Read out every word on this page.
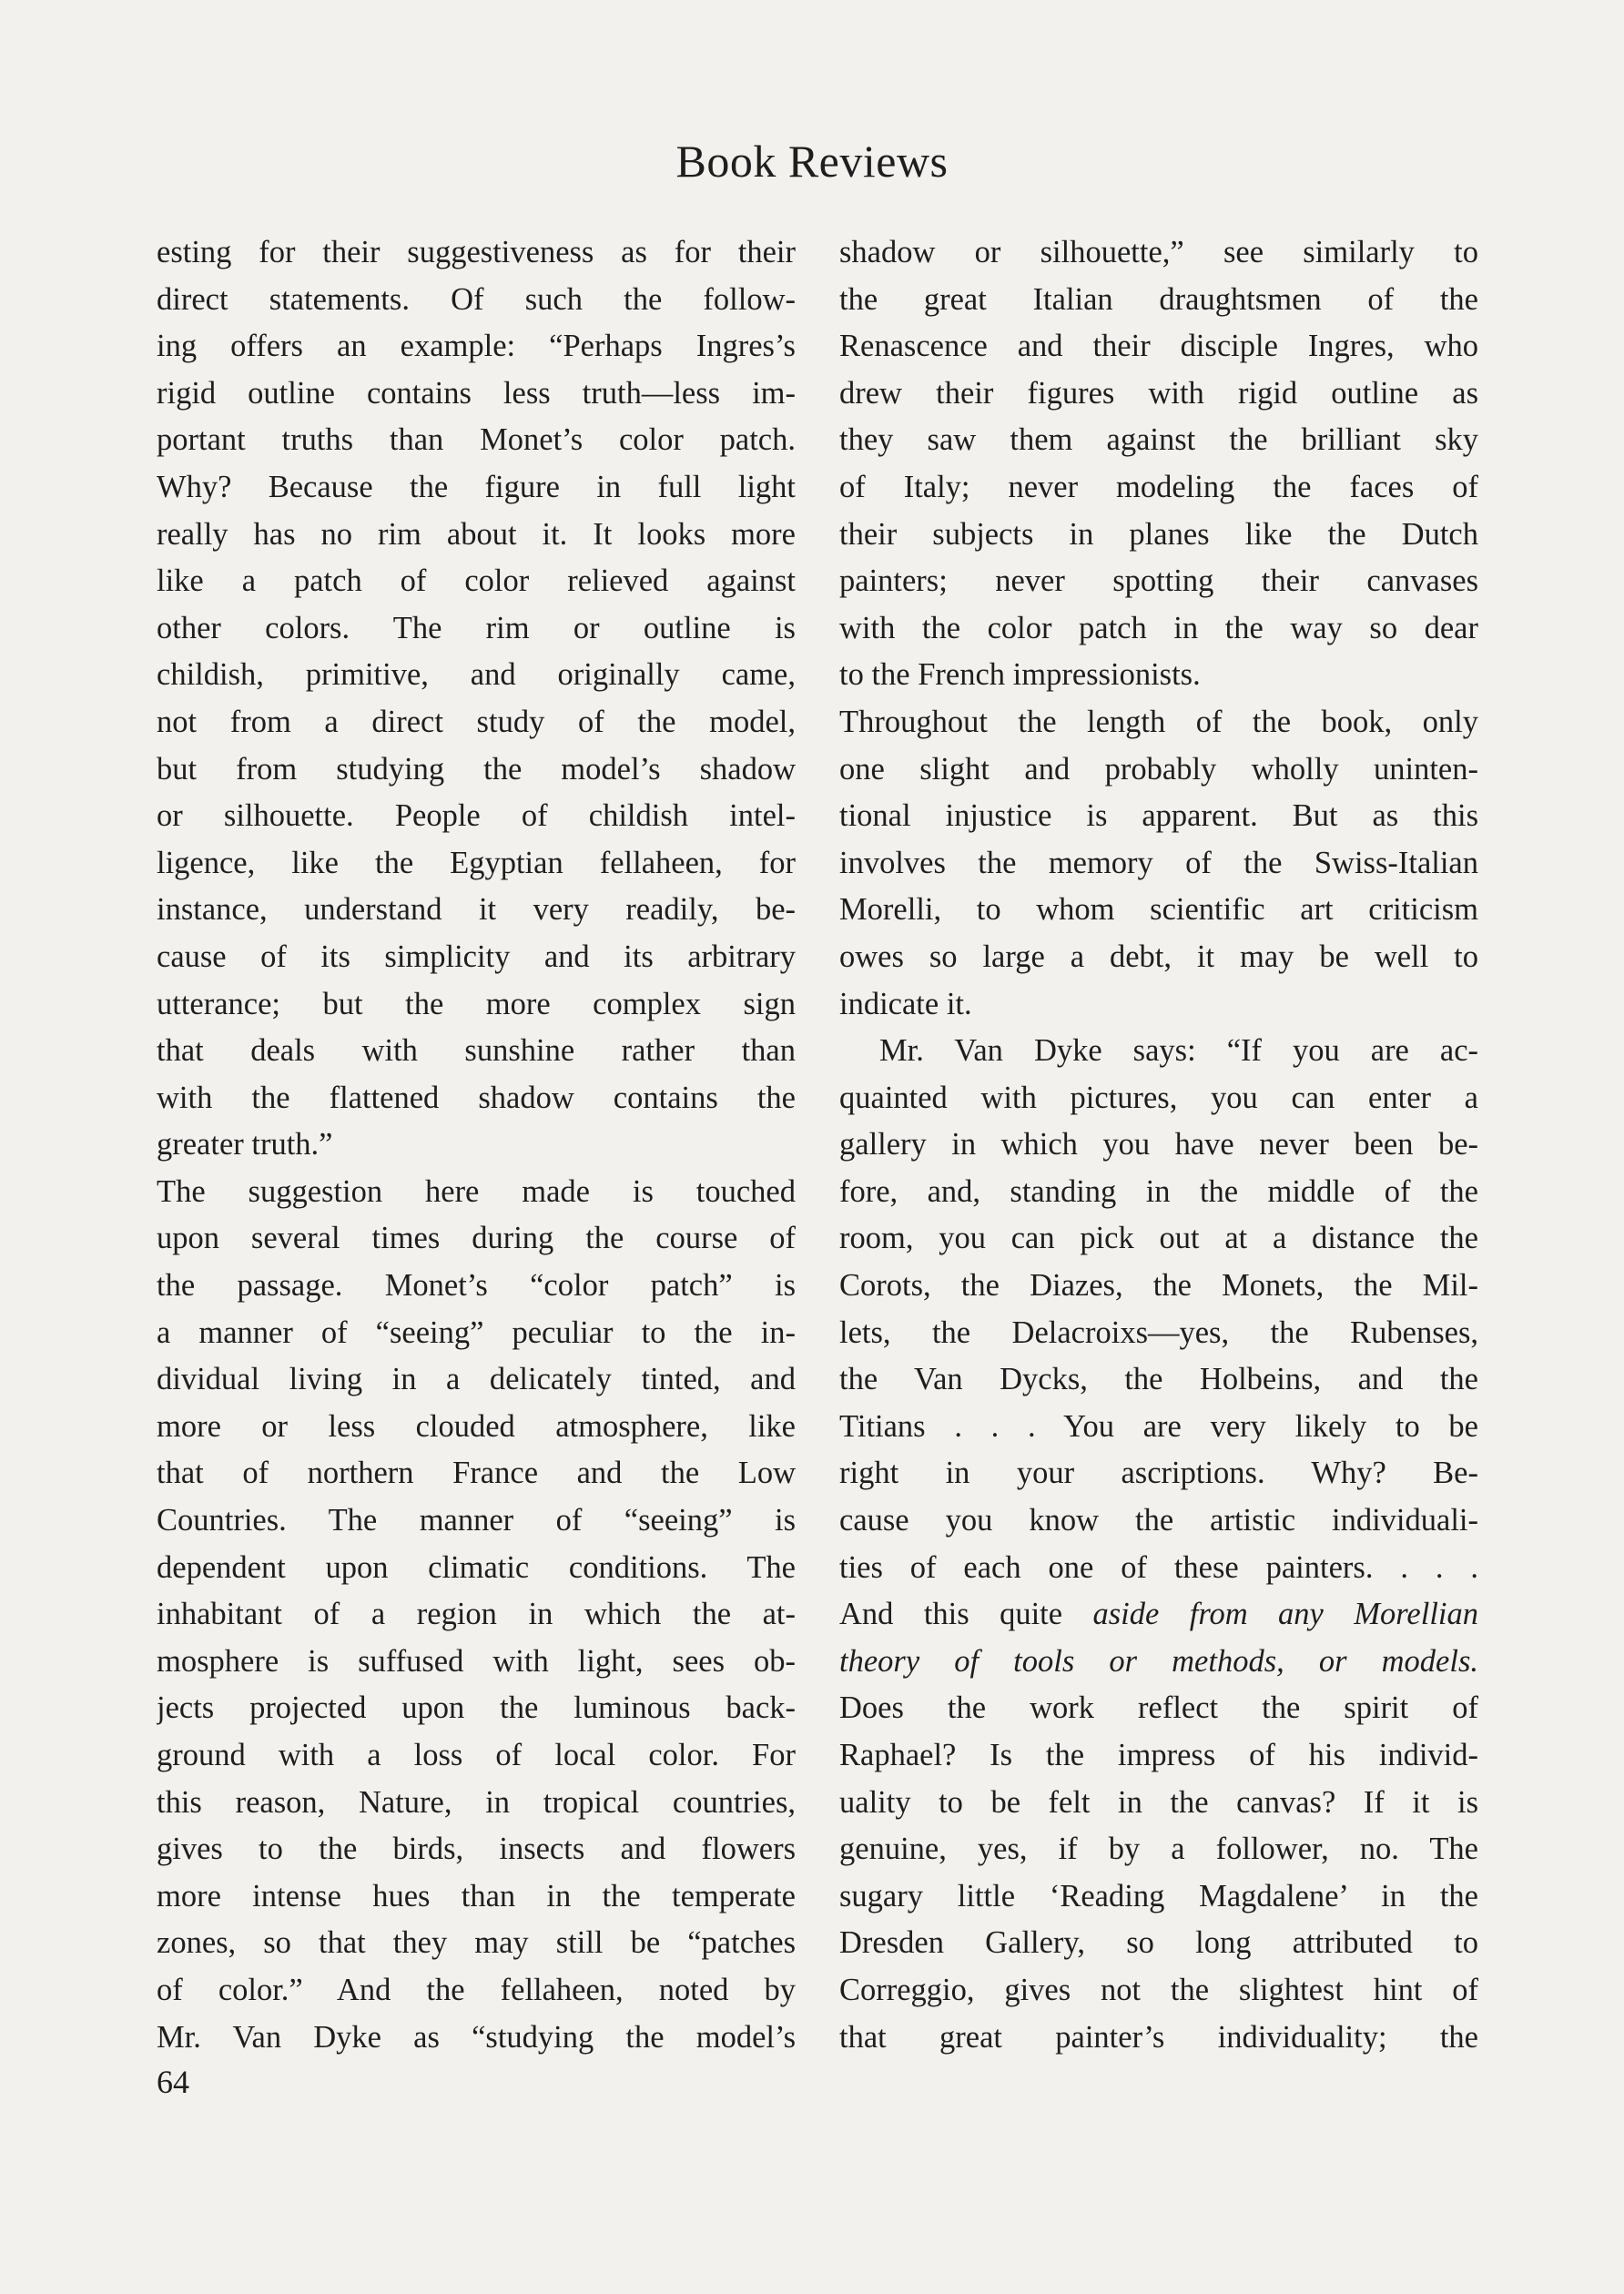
Book Reviews
esting for their suggestiveness as for their
direct statements. Of such the follow-
ing offers an example: “Perhaps Ingres’s
rigid outline contains less truth—less im-
portant truths than Monet’s color patch.
Why? Because the figure in full light
really has no rim about it. It looks more
like a patch of color relieved against
other colors. The rim or outline is
childish, primitive, and originally came,
not from a direct study of the model,
but from studying the model’s shadow
or silhouette. People of childish intel-
ligence, like the Egyptian fellaheen, for
instance, understand it very readily, be-
cause of its simplicity and its arbitrary
utterance; but the more complex sign
that deals with sunshine rather than
with the flattened shadow contains the
greater truth.”
The suggestion here made is touched
upon several times during the course of
the passage. Monet’s “color patch” is
a manner of “seeing” peculiar to the in-
dividual living in a delicately tinted, and
more or less clouded atmosphere, like
that of northern France and the Low
Countries. The manner of “seeing” is
dependent upon climatic conditions. The
inhabitant of a region in which the at-
mosphere is suffused with light, sees ob-
jects projected upon the luminous back-
ground with a loss of local color. For
this reason, Nature, in tropical countries,
gives to the birds, insects and flowers
more intense hues than in the temperate
zones, so that they may still be “patches
of color.” And the fellaheen, noted by
Mr. Van Dyke as “studying the model’s
shadow or silhouette,” see similarly to
the great Italian draughtsmen of the
Renascence and their disciple Ingres, who
drew their figures with rigid outline as
they saw them against the brilliant sky
of Italy; never modeling the faces of
their subjects in planes like the Dutch
painters; never spotting their canvases
with the color patch in the way so dear
to the French impressionists.
Throughout the length of the book, only
one slight and probably wholly uninten-
tional injustice is apparent. But as this
involves the memory of the Swiss-Italian
Morelli, to whom scientific art criticism
owes so large a debt, it may be well to
indicate it.
Mr. Van Dyke says: “If you are ac-
quainted with pictures, you can enter a
gallery in which you have never been be-
fore, and, standing in the middle of the
room, you can pick out at a distance the
Corots, the Diazes, the Monets, the Mil-
lets, the Delacroixs—yes, the Rubenses,
the Van Dycks, the Holbeins, and the
Titians . . . You are very likely to be
right in your ascriptions. Why? Be-
cause you know the artistic individuali-
ties of each one of these painters. . . .
And this quite aside from any Morellian
theory of tools or methods, or models.
Does the work reflect the spirit of
Raphael? Is the impress of his individ-
uality to be felt in the canvas? If it is
genuine, yes, if by a follower, no. The
sugary little ‘Reading Magdalene’ in the
Dresden Gallery, so long attributed to
Correggio, gives not the slightest hint of
that great painter’s individuality; the
64
